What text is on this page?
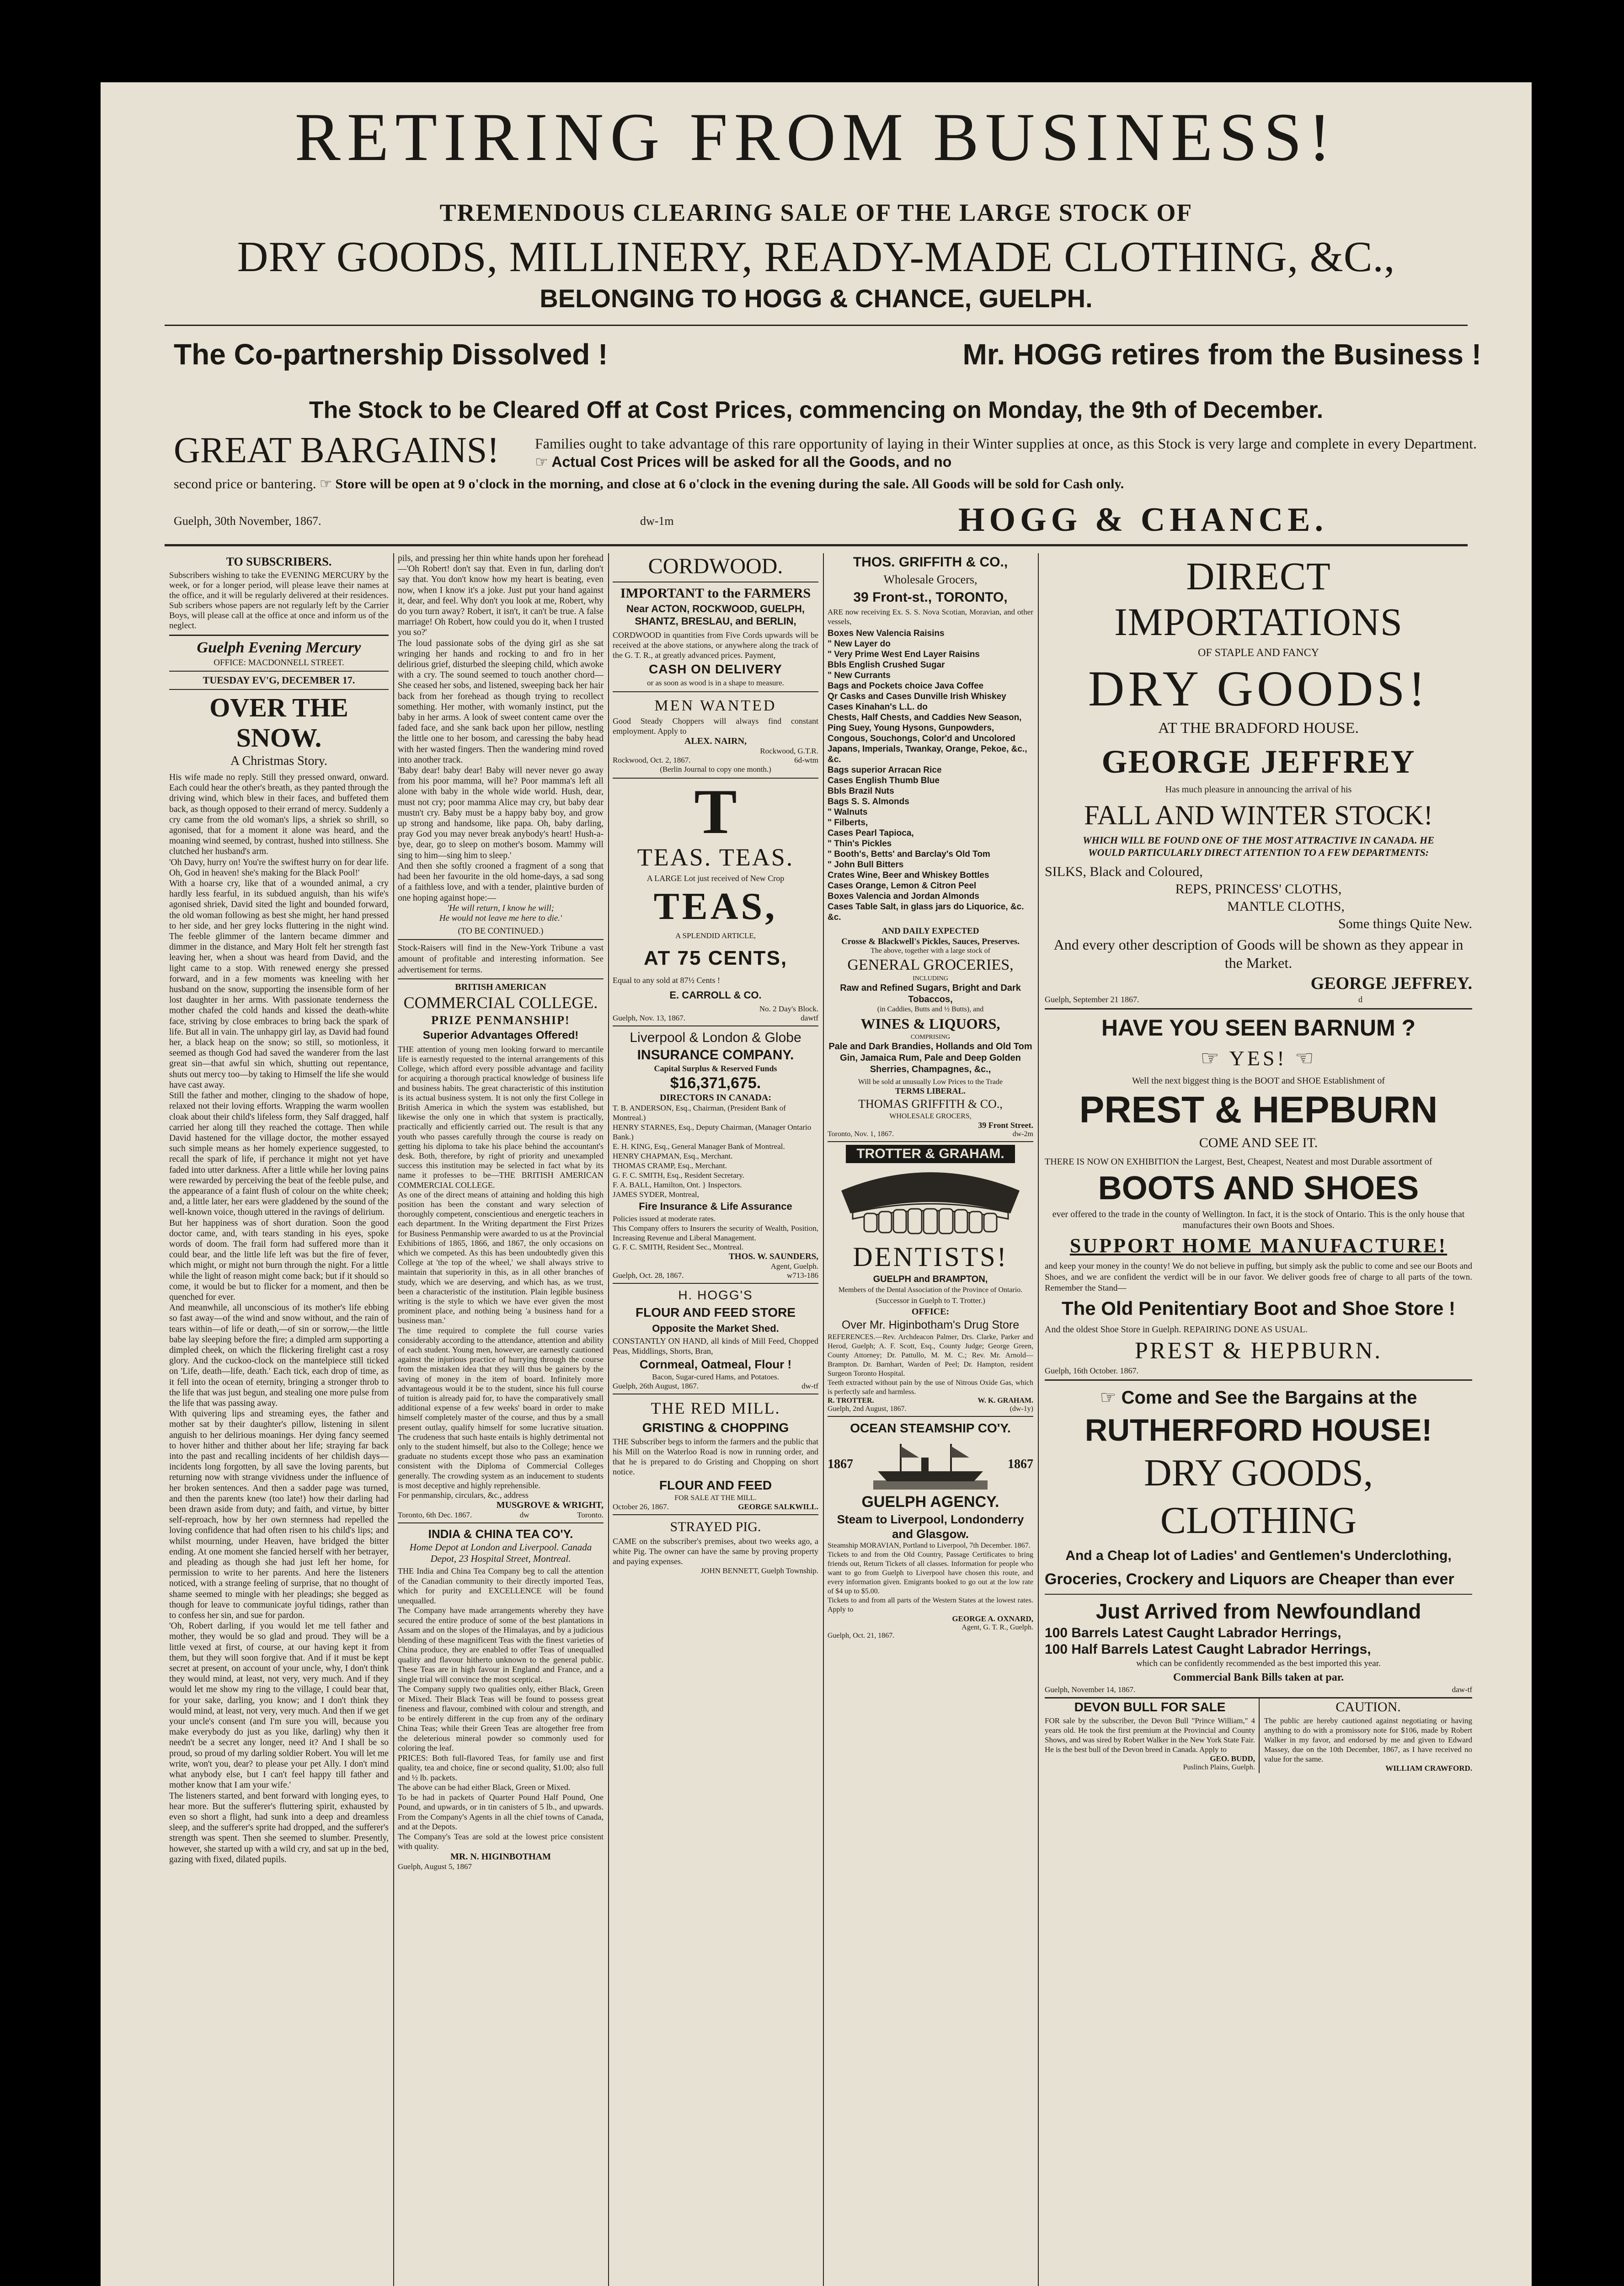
RETIRING FROM BUSINESS!
TREMENDOUS CLEARING SALE OF THE LARGE STOCK OF
DRY GOODS, MILLINERY, READY-MADE CLOTHING, &C.,
BELONGING TO HOGG & CHANCE, GUELPH.
The Co-partnership Dissolved !	Mr. HOGG retires from the Business !
The Stock to be Cleared Off at Cost Prices, commencing on Monday, the 9th of December.
GREAT BARGAINS!	Families ought to take advantage of this rare opportunity of laying in their Winter supplies at once, as this Stock is very large and complete in every Department. ☞ Actual Cost Prices will be asked for all the Goods, and no
second price or bantering. ☞ Store will be open at 9 o'clock in the morning, and close at 6 o'clock in the evening during the sale. All Goods will be sold for Cash only.
Guelph, 30th November, 1867.	dw-1m	HOGG & CHANCE.
TO SUBSCRIBERS.
Subscribers wishing to take the EVENING MERCURY by the week, or for a longer period, will please leave their names at the office, and it will be regularly delivered at their residences. Sub scribers whose papers are not regularly left by the Carrier Boys, will please call at the office at once and inform us of the neglect.
Guelph Evening Mercury
OFFICE: MACDONNELL STREET.
TUESDAY EV'G, DECEMBER 17.
OVER THE SNOW.
A Christmas Story.
His wife made no reply. Still they pressed onward, onward. Each could hear the other's breath, as they panted through the driving wind, which blew in their faces, and buffeted them back, as though opposed to their errand of mercy. Suddenly a cry came from the old woman's lips, a shriek so shrill, so agonised, that for a moment it alone was heard, and the moaning wind seemed, by contrast, hushed into stillness. She clutched her husband's arm.
'Oh Davy, hurry on! You're the swiftest hurry on for dear life. Oh, God in heaven! she's making for the Black Pool!'
With a hoarse cry, like that of a wounded animal, a cry hardly less fearful, in its subdued anguish, than his wife's agonised shriek, David sited the light and bounded forward, the old woman following as best she might, her hand pressed to her side, and her grey locks fluttering in the night wind. The feeble glimmer of the lantern became dimmer and dimmer in the distance, and Mary Holt felt her strength fast leaving her, when a shout was heard from David, and the light came to a stop. With renewed energy she pressed forward, and in a few moments was kneeling with her husband on the snow, supporting the insensible form of her lost daughter in her arms. With passionate tenderness the mother chafed the cold hands and kissed the death-white face, striving by close embraces to bring back the spark of life. But all in vain. The unhappy girl lay, as David had found her, a black heap on the snow; so still, so motionless, it seemed as though God had saved the wanderer from the last great sin—that awful sin which, shutting out repentance, shuts out mercy too—by taking to Himself the life she would have cast away.
Still the father and mother, clinging to the shadow of hope, relaxed not their loving efforts. Wrapping the warm woollen cloak about their child's lifeless form, they Salf dragged, half carried her along till they reached the cottage. Then while David hastened for the village doctor, the mother essayed such simple means as her homely experience suggested, to recall the spark of life, if perchance it might not yet have faded into utter darkness. After a little while her loving pains were rewarded by perceiving the beat of the feeble pulse, and the appearance of a faint flush of colour on the white cheek; and, a little later, her ears were gladdened by the sound of the well-known voice, though uttered in the ravings of delirium.
But her happiness was of short duration. Soon the good doctor came, and, with tears standing in his eyes, spoke words of doom. The frail form had suffered more than it could bear, and the little life left was but the fire of fever, which might, or might not burn through the night. For a little while the light of reason might come back; but if it should so come, it would be but to flicker for a moment, and then be quenched for ever.
And meanwhile, all unconscious of its mother's life ebbing so fast away—of the wind and snow without, and the rain of tears within—of life or death,—of sin or sorrow,—the little babe lay sleeping before the fire; a dimpled arm supporting a dimpled cheek, on which the flickering firelight cast a rosy glory. And the cuckoo-clock on the mantelpiece still ticked on 'Life, death—life, death.' Each tick, each drop of time, as it fell into the ocean of eternity, bringing a stronger throb to the life that was just begun, and stealing one more pulse from the life that was passing away.
With quivering lips and streaming eyes, the father and mother sat by their daughter's pillow, listening in silent anguish to her delirious moanings. Her dying fancy seemed to hover hither and thither about her life; straying far back into the past and recalling incidents of her childish days—incidents long forgotten, by all save the loving parents, but returning now with strange vividness under the influence of her broken sentences. And then a sadder page was turned, and then the parents knew (too late!) how their darling had been drawn aside from duty; and faith, and virtue, by bitter self-reproach, how by her own sternness had repelled the loving confidence that had often risen to his child's lips; and whilst mourning, under Heaven, have bridged the bitter ending. At one moment she fancied herself with her betrayer, and pleading as though she had just left her home, for permission to write to her parents. And here the listeners noticed, with a strange feeling of surprise, that no thought of shame seemed to mingle with her pleadings; she begged as though for leave to communicate joyful tidings, rather than to confess her sin, and sue for pardon.
'Oh, Robert darling, if you would let me tell father and mother, they would be so glad and proud. They will be a little vexed at first, of course, at our having kept it from them, but they will soon forgive that. And if it must be kept secret at present, on account of your uncle, why, I don't think they would mind, at least, not very, very much. And if they would let me show my ring to the village, I could bear that, for your sake, darling, you know; and I don't think they would mind, at least, not very, very much. And then if we get your uncle's consent (and I'm sure you will, because you make everybody do just as you like, darling) why then it needn't be a secret any longer, need it? And I shall be so proud, so proud of my darling soldier Robert. You will let me write, won't you, dear? to please your pet Ally. I don't mind what anybody else, but I can't feel happy till father and mother know that I am your wife.'
The listeners started, and bent forward with longing eyes, to hear more. But the sufferer's fluttering spirit, exhausted by even so short a flight, had sunk into a deep and dreamless sleep, and the sufferer's sprite had dropped, and the sufferer's strength was spent. Then she seemed to slumber. Presently, however, she started up with a wild cry, and sat up in the bed, gazing with fixed, dilated pupils.
pils, and pressing her thin white hands upon her forehead—'Oh Robert! don't say that. Even in fun, darling don't say that. You don't know how my heart is beating, even now, when I know it's a joke. Just put your hand against it, dear, and feel. Why don't you look at me, Robert, why do you turn away? Robert, it isn't, it can't be true. A false marriage! Oh Robert, how could you do it, when I trusted you so?'
The loud passionate sobs of the dying girl as she sat wringing her hands and rocking to and fro in her delirious grief, disturbed the sleeping child, which awoke with a cry. The sound seemed to touch another chord—She ceased her sobs, and listened, sweeping back her hair back from her forehead as though trying to recollect something. Her mother, with womanly instinct, put the baby in her arms. A look of sweet content came over the faded face, and she sank back upon her pillow, nestling the little one to her bosom, and caressing the baby head with her wasted fingers. Then the wandering mind roved into another track.
'Baby dear! baby dear! Baby will never never go away from his poor mamma, will he? Poor mamma's left all alone with baby in the whole wide world. Hush, dear, must not cry; poor mamma Alice may cry, but baby dear mustn't cry. Baby must be a happy baby boy, and grow up strong and handsome, like papa. Oh, baby darling, pray God you may never break anybody's heart! Hush-a-bye, dear, go to sleep on mother's bosom. Mammy will sing to him—sing him to sleep.'
And then she softly crooned a fragment of a song that had been her favourite in the old home-days, a sad song of a faithless love, and with a tender, plaintive burden of one hoping against hope:—
'He will return, I know he will;
He would not leave me here to die.'
(TO BE CONTINUED.)
Stock-Raisers will find in the New-York Tribune a vast amount of profitable and interesting information. See advertisement for terms.
BRITISH AMERICAN
COMMERCIAL COLLEGE.
PRIZE PENMANSHIP!
Superior Advantages Offered!
THE attention of young men looking forward to mercantile life is earnestly requested to the internal arrangements of this College, which afford every possible advantage and facility for acquiring a thorough practical knowledge of business life and business habits. The great characteristic of this institution is its actual business system. It is not only the first College in British America in which the system was established, but likewise the only one in which that system is practically, practically and efficiently carried out. The result is that any youth who passes carefully through the course is ready on getting his diploma to take his place behind the accountant's desk. Both, therefore, by right of priority and unexampled success this institution may be selected in fact what by its name it professes to be—THE BRITISH AMERICAN COMMERCIAL COLLEGE.
As one of the direct means of attaining and holding this high position has been the constant and wary selection of thoroughly competent, conscientious and energetic teachers in each department. In the Writing department the First Prizes for Business Penmanship were awarded to us at the Provincial Exhibitions of 1865, 1866, and 1867, the only occasions on which we competed. As this has been undoubtedly given this College at 'the top of the wheel,' we shall always strive to maintain that superiority in this, as in all other branches of study, which we are deserving, and which has, as we trust, been a characteristic of the institution. Plain legible business writing is the style to which we have ever given the most prominent place, and nothing being 'a business hand for a business man.'
The time required to complete the full course varies considerably according to the attendance, attention and ability of each student. Young men, however, are earnestly cautioned against the injurious practice of hurrying through the course from the mistaken idea that they will thus be gainers by the saving of money in the item of board. Infinitely more advantageous would it be to the student, since his full course of tuition is already paid for, to have the comparatively small additional expense of a few weeks' board in order to make himself completely master of the course, and thus by a small present outlay, qualify himself for some lucrative situation. The crudeness that such haste entails is highly detrimental not only to the student himself, but also to the College; hence we graduate no students except those who pass an examination consistent with the Diploma of Commercial Colleges generally. The crowding system as an inducement to students is most deceptive and highly reprehensible.
For penmanship, circulars, &c., address
MUSGROVE & WRIGHT,
Toronto, 6th Dec. 1867.	dw	Toronto.
INDIA & CHINA TEA CO'Y.
Home Depot at London and Liverpool. Canada Depot, 23 Hospital Street, Montreal.
THE India and China Tea Company beg to call the attention of the Canadian community to their directly imported Teas, which for purity and EXCELLENCE will be found unequalled.
The Company have made arrangements whereby they have secured the entire produce of some of the best plantations in Assam and on the slopes of the Himalayas, and by a judicious blending of these magnificent Teas with the finest varieties of China produce, they are enabled to offer Teas of unequalled quality and flavour hitherto unknown to the general public. These Teas are in high favour in England and France, and a single trial will convince the most sceptical.
The Company supply two qualities only, either Black, Green or Mixed. Their Black Teas will be found to possess great fineness and flavour, combined with colour and strength, and to be entirely different in the cup from any of the ordinary China Teas; while their Green Teas are altogether free from the deleterious mineral powder so commonly used for coloring the leaf.
PRICES: Both full-flavored Teas, for family use and first quality, tea and choice, fine or second quality, $1.00; also full and ½ lb. packets.
The above can be had either Black, Green or Mixed.
To be had in packets of Quarter Pound Half Pound, One Pound, and upwards, or in tin canisters of 5 lb., and upwards. From the Company's Agents in all the chief towns of Canada, and at the Depots.
The Company's Teas are sold at the lowest price consistent with quality.
MR. N. HIGINBOTHAM
Guelph, August 5, 1867
CORDWOOD.
IMPORTANT to the FARMERS
Near ACTON, ROCKWOOD, GUELPH, SHANTZ, BRESLAU, and BERLIN,
CORDWOOD in quantities from Five Cords upwards will be received at the above stations, or anywhere along the track of the G. T. R., at greatly advanced prices. Payment,
CASH ON DELIVERY
or as soon as wood is in a shape to measure.
MEN WANTED
Good Steady Choppers will always find constant employment. Apply to
ALEX. NAIRN,
Rockwood, G.T.R.
Rockwood, Oct. 2, 1867.	6d-wtm
(Berlin Journal to copy one month.)
T
TEAS. TEAS.
A LARGE Lot just received of New Crop
TEAS,
A SPLENDID ARTICLE,
AT 75 CENTS,
Equal to any sold at 87½ Cents !
E. CARROLL & CO.
No. 2 Day's Block.
Guelph, Nov. 13, 1867.	dawtf
Liverpool & London & Globe
INSURANCE COMPANY.
Capital Surplus & Reserved Funds
$16,371,675.
DIRECTORS IN CANADA:
T. B. ANDERSON, Esq., Chairman, (President Bank of Montreal.)
HENRY STARNES, Esq., Deputy Chairman, (Manager Ontario Bank.)
E. H. KING, Esq., General Manager Bank of Montreal.
HENRY CHAPMAN, Esq., Merchant.
THOMAS CRAMP, Esq., Merchant.
G. F. C. SMITH, Esq., Resident Secretary.
F. A. BALL, Hamilton, Ont. } Inspectors.
JAMES SYDER, Montreal,
Fire Insurance & Life Assurance
Policies issued at moderate rates.
This Company offers to Insurers the security of Wealth, Position, Increasing Revenue and Liberal Management.
G. F. C. SMITH, Resident Sec., Montreal.
THOS. W. SAUNDERS,
Agent, Guelph.
Guelph, Oct. 28, 1867.	w713-186
H. HOGG'S
FLOUR AND FEED STORE
Opposite the Market Shed.
CONSTANTLY ON HAND, all kinds of Mill Feed, Chopped Peas, Middlings, Shorts, Bran,
Cornmeal, Oatmeal, Flour !
Bacon, Sugar-cured Hams, and Potatoes.
Guelph, 26th August, 1867.	dw-tf
THE RED MILL.
GRISTING & CHOPPING
THE Subscriber begs to inform the farmers and the public that his Mill on the Waterloo Road is now in running order, and that he is prepared to do Gristing and Chopping on short notice.
FLOUR AND FEED
FOR SALE AT THE MILL.
October 26, 1867.	GEORGE SALKWILL.
STRAYED PIG.
CAME on the subscriber's premises, about two weeks ago, a white Pig. The owner can have the same by proving property and paying expenses.
JOHN BENNETT, Guelph Township.
THOS. GRIFFITH & CO.,
Wholesale Grocers,
39 Front-st., TORONTO,
ARE now receiving Ex. S. S. Nova Scotian, Moravian, and other vessels,
Boxes New Valencia Raisins
" New Layer do
" Very Prime West End Layer Raisins
Bbls English Crushed Sugar
" New Currants
Bags and Pockets choice Java Coffee
Qr Casks and Cases Dunville Irish Whiskey
Cases Kinahan's L.L. do
Chests, Half Chests, and Caddies New Season, Ping Suey, Young Hysons, Gunpowders, Congous, Souchongs, Color'd and Uncolored Japans, Imperials, Twankay, Orange, Pekoe, &c., &c.
Bags superior Arracan Rice
Cases English Thumb Blue
Bbls Brazil Nuts
Bags S. S. Almonds
" Walnuts
" Filberts,
Cases Pearl Tapioca,
" Thin's Pickles
" Booth's, Betts' and Barclay's Old Tom
" John Bull Bitters
Crates Wine, Beer and Whiskey Bottles
Cases Orange, Lemon & Citron Peel
Boxes Valencia and Jordan Almonds
Cases Table Salt, in glass jars do Liquorice, &c. &c.
AND DAILY EXPECTED
Crosse & Blackwell's Pickles, Sauces, Preserves.
The above, together with a large stock of
GENERAL GROCERIES,
INCLUDING
Raw and Refined Sugars, Bright and Dark Tobaccos,
(in Caddies, Butts and ½ Butts), and
WINES & LIQUORS,
COMPRISING
Pale and Dark Brandies, Hollands and Old Tom Gin, Jamaica Rum, Pale and Deep Golden Sherries, Champagnes, &c.,
Will be sold at unusually Low Prices to the Trade
TERMS LIBERAL.
THOMAS GRIFFITH & CO.,
WHOLESALE GROCERS,
39 Front Street.
Toronto, Nov. 1, 1867.	dw-2m
TROTTER & GRAHAM.
DENTISTS!
GUELPH and BRAMPTON,
Members of the Dental Association of the Province of Ontario.
(Successor in Guelph to T. Trotter.)
OFFICE:
Over Mr. Higinbotham's Drug Store
REFERENCES.—Rev. Archdeacon Palmer, Drs. Clarke, Parker and Herod, Guelph; A. F. Scott, Esq., County Judge; George Green, County Attorney; Dr. Pattullo, M. M. C.; Rev. Mr. Arnold—Brampton. Dr. Barnhart, Warden of Peel; Dr. Hampton, resident Surgeon Toronto Hospital.
Teeth extracted without pain by the use of Nitrous Oxide Gas, which is perfectly safe and harmless.
R. TROTTER.	W. K. GRAHAM.
Guelph, 2nd August, 1867.	(dw-1y)
OCEAN STEAMSHIP CO'Y.
1867	1867
GUELPH AGENCY.
Steam to Liverpool, Londonderry and Glasgow.
Steamship MORAVIAN, Portland to Liverpool, 7th December. 1867.
Tickets to and from the Old Country, Passage Certificates to bring friends out, Return Tickets of all classes. Information for people who want to go from Guelph to Liverpool have chosen this route, and every information given. Emigrants booked to go out at the low rate of $4 up to $5.00.
Tickets to and from all parts of the Western States at the lowest rates. Apply to
GEORGE A. OXNARD,
Agent, G. T. R., Guelph.
Guelph, Oct. 21, 1867.
DIRECT IMPORTATIONS
OF STAPLE AND FANCY
DRY GOODS!
AT THE BRADFORD HOUSE.
GEORGE JEFFREY
Has much pleasure in announcing the arrival of his
FALL AND WINTER STOCK!
WHICH WILL BE FOUND ONE OF THE MOST ATTRACTIVE IN CANADA. HE WOULD PARTICULARLY DIRECT ATTENTION TO A FEW DEPARTMENTS:
SILKS, Black and Coloured,
REPS, PRINCESS' CLOTHS,
MANTLE CLOTHS,
Some things Quite New.
And every other description of Goods will be shown as they appear in the Market.
GEORGE JEFFREY.
Guelph, September 21 1867.	d
HAVE YOU SEEN BARNUM ?
☞ YES! ☜
Well the next biggest thing is the BOOT and SHOE Establishment of
PREST & HEPBURN
COME AND SEE IT.
THERE IS NOW ON EXHIBITION the Largest, Best, Cheapest, Neatest and most Durable assortment of
BOOTS AND SHOES
ever offered to the trade in the county of Wellington. In fact, it is the stock of Ontario. This is the only house that manufactures their own Boots and Shoes.
SUPPORT HOME MANUFACTURE!
and keep your money in the county! We do not believe in puffing, but simply ask the public to come and see our Boots and Shoes, and we are confident the verdict will be in our favor. We deliver goods free of charge to all parts of the town. Remember the Stand—
The Old Penitentiary Boot and Shoe Store !
And the oldest Shoe Store in Guelph. REPAIRING DONE AS USUAL.
PREST & HEPBURN.
Guelph, 16th October. 1867.
☞ Come and See the Bargains at the
RUTHERFORD HOUSE!
DRY GOODS, CLOTHING
And a Cheap lot of Ladies' and Gentlemen's Underclothing,
Groceries, Crockery and Liquors are Cheaper than ever
Just Arrived from Newfoundland
100 Barrels Latest Caught Labrador Herrings,
100 Half Barrels Latest Caught Labrador Herrings,
which can be confidently recommended as the best imported this year.
Commercial Bank Bills taken at par.
Guelph, November 14, 1867.	daw-tf
DEVON BULL FOR SALE
FOR sale by the subscriber, the Devon Bull "Prince William," 4 years old. He took the first premium at the Provincial and County Shows, and was sired by Robert Walker in the New York State Fair. He is the best bull of the Devon breed in Canada. Apply to
GEO. BUDD,
Puslinch Plains, Guelph.
CAUTION.
The public are hereby cautioned against negotiating or having anything to do with a promissory note for $106, made by Robert Walker in my favor, and endorsed by me and given to Edward Massey, due on the 10th December, 1867, as I have received no value for the same.
WILLIAM CRAWFORD.
